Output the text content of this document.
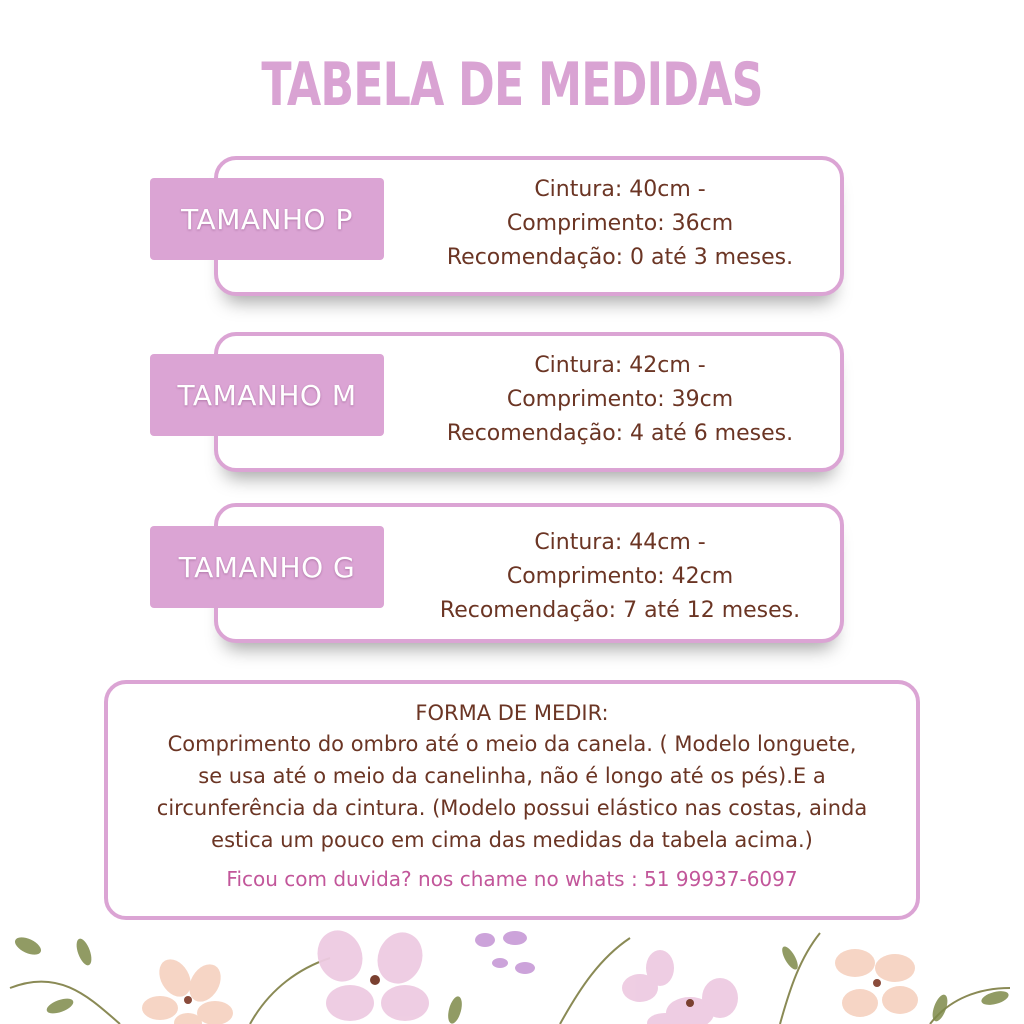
TABELA DE MEDIDAS
Cintura: 40cm -
Comprimento: 36cm
Recomendação: 0 até 3 meses.
TAMANHO P
Cintura: 42cm -
Comprimento: 39cm
Recomendação: 4 até 6 meses.
TAMANHO M
Cintura: 44cm -
Comprimento: 42cm
Recomendação: 7 até 12 meses.
TAMANHO G
FORMA DE MEDIR:
Comprimento do ombro até o meio da canela. ( Modelo longuete,
se usa até o meio da canelinha, não é longo até os pés).E a
circunferência da cintura. (Modelo possui elástico nas costas, ainda
estica um pouco em cima das medidas da tabela acima.)
Ficou com duvida? nos chame no whats : 51 99937-6097
